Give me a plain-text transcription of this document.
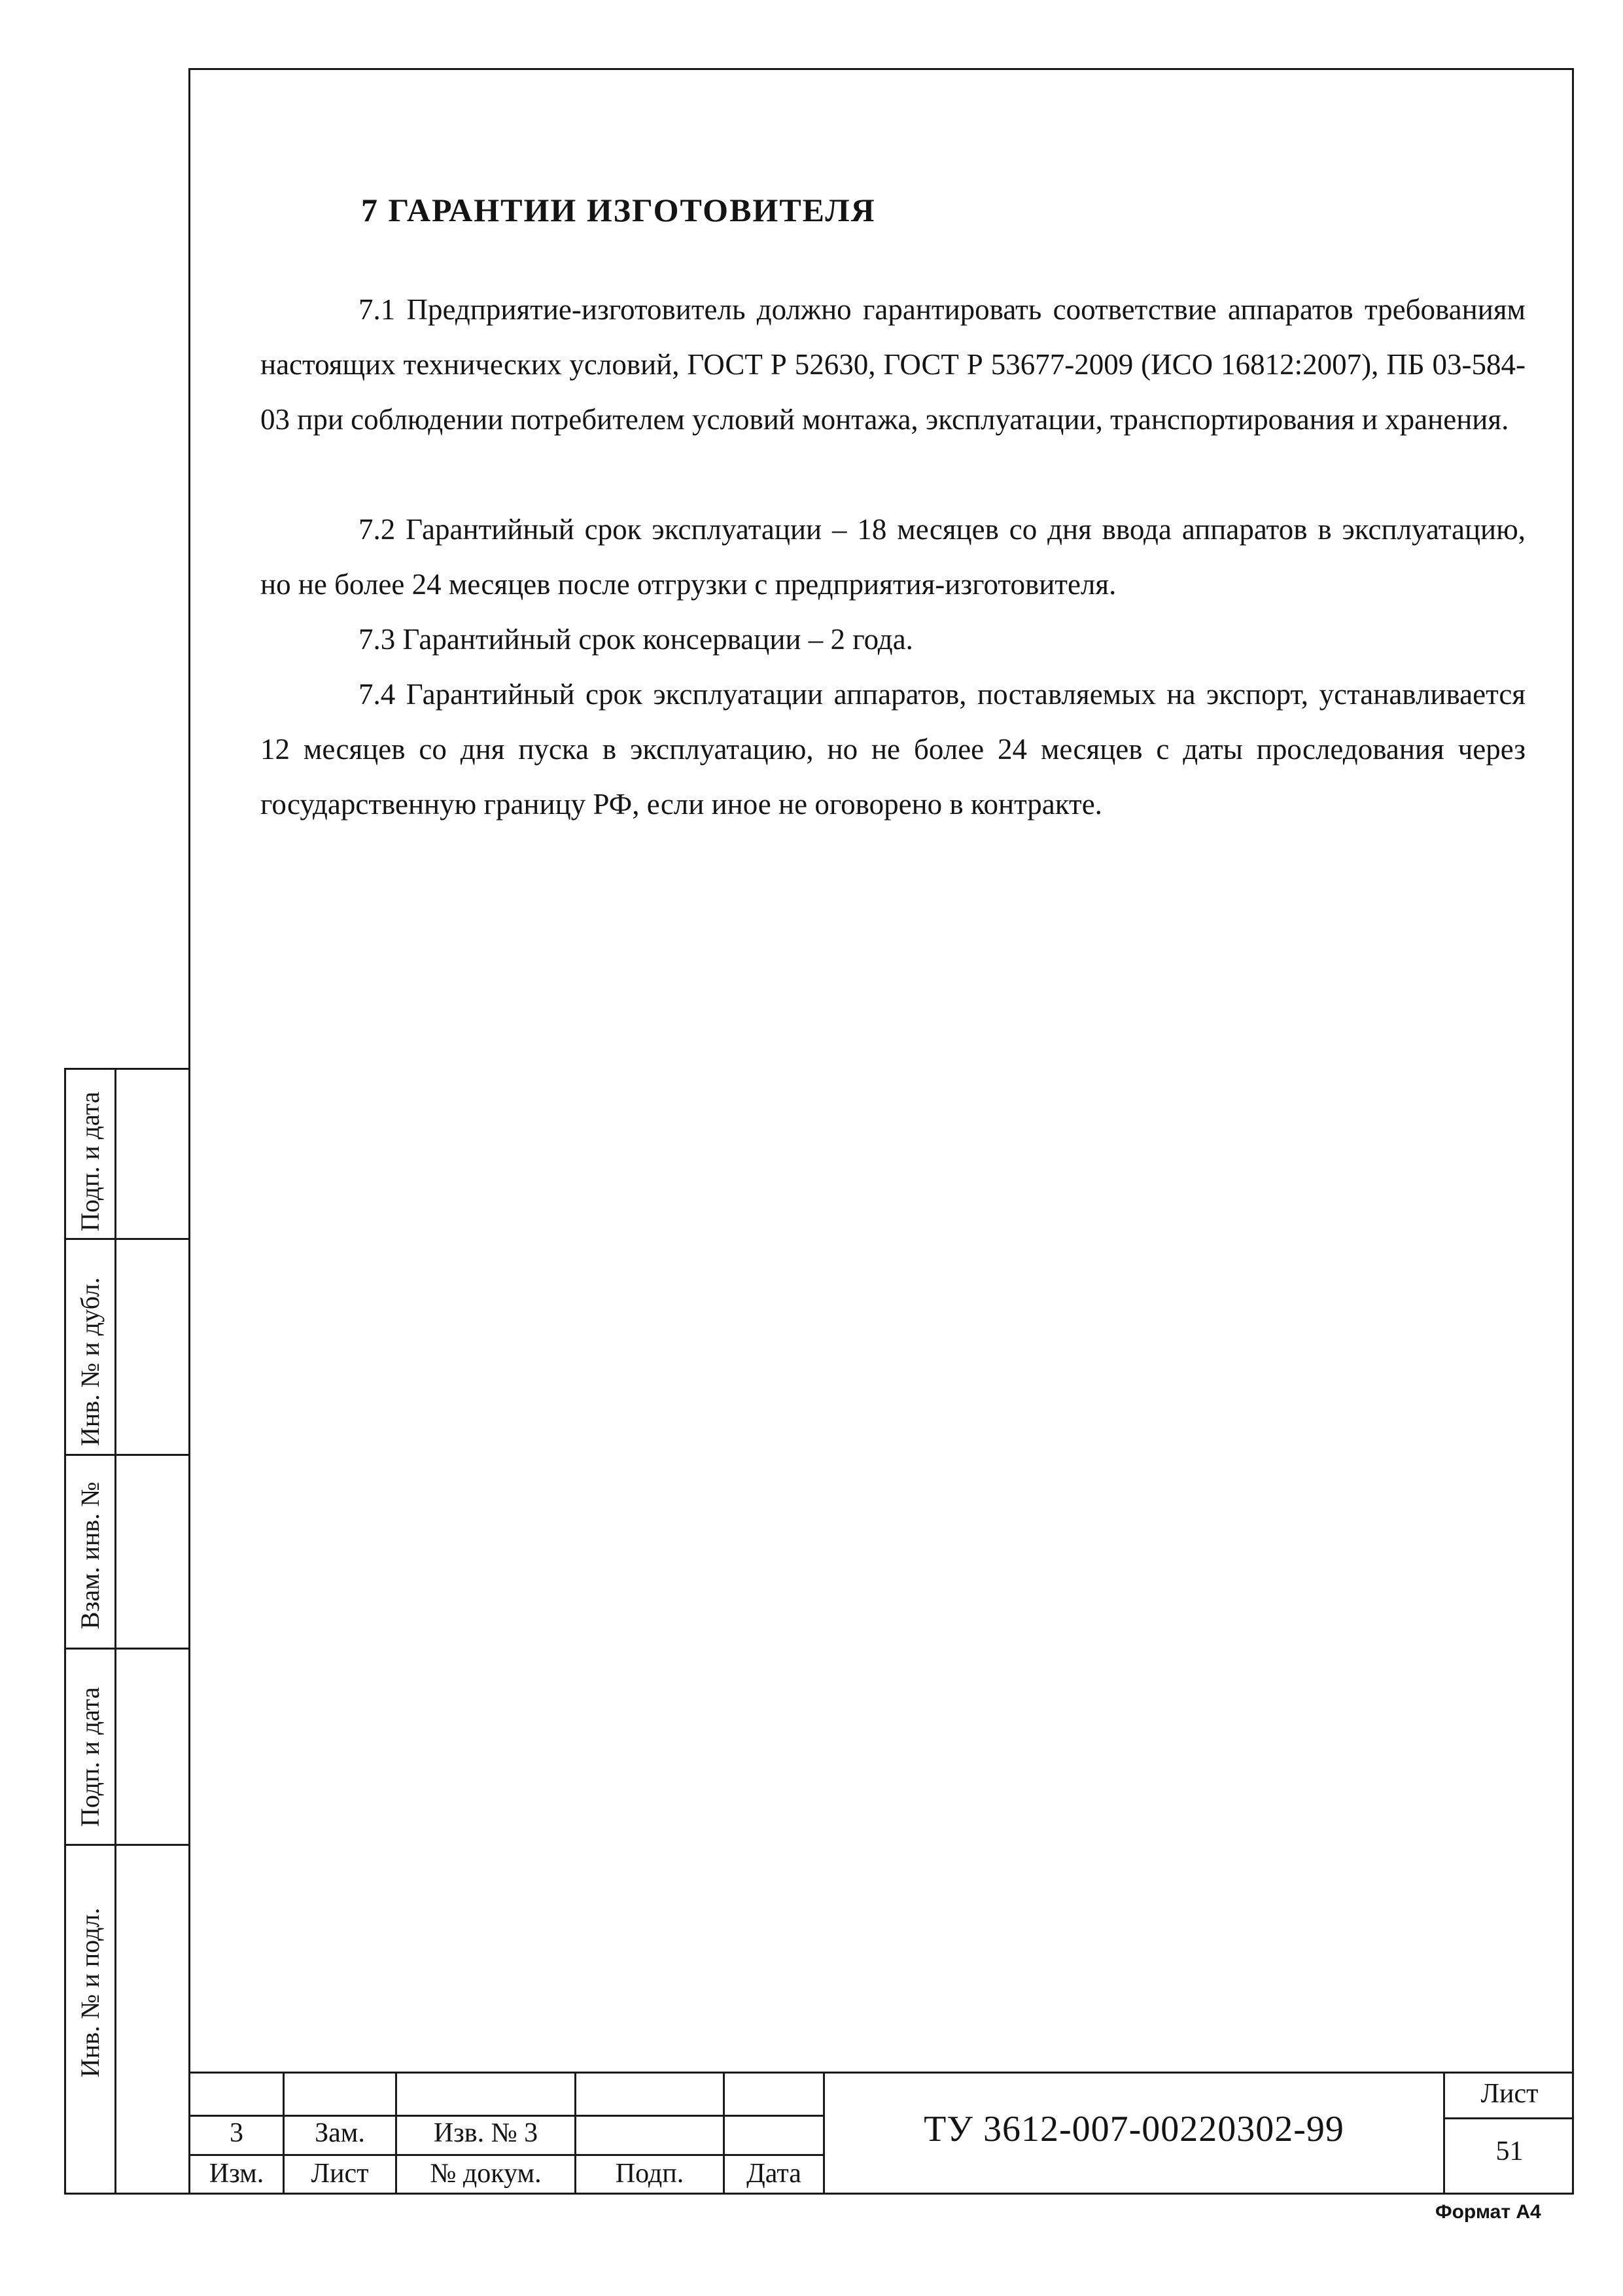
7 ГАРАНТИИ ИЗГОТОВИТЕЛЯ
7.1 Предприятие-изготовитель должно гарантировать соответствие аппаратов требованиям настоящих технических условий, ГОСТ Р 52630, ГОСТ Р 53677-2009 (ИСО 16812:2007), ПБ 03-584-03 при соблюдении потребителем условий монтажа, эксплуатации, транспортирования и хранения.
7.2 Гарантийный срок эксплуатации – 18 месяцев со дня ввода аппаратов в эксплуатацию, но не более 24 месяцев после отгрузки с предприятия-изготовителя.
7.3 Гарантийный срок консервации – 2 года.
7.4 Гарантийный срок эксплуатации аппаратов, поставляемых на экспорт, устанавливается 12 месяцев со дня пуска в эксплуатацию, но не более 24 месяцев с даты проследования через государственную границу РФ, если иное не оговорено в контракте.
Подп. и дата
Инв. № и дубл.
Взам. инв. №
Подп. и дата
Инв. № и подл.
3	Зам.	Изв. № 3
Изм.	Лист	№ докум.	Подп.	Дата
ТУ 3612-007-00220302-99
Лист
51
Формат А4
